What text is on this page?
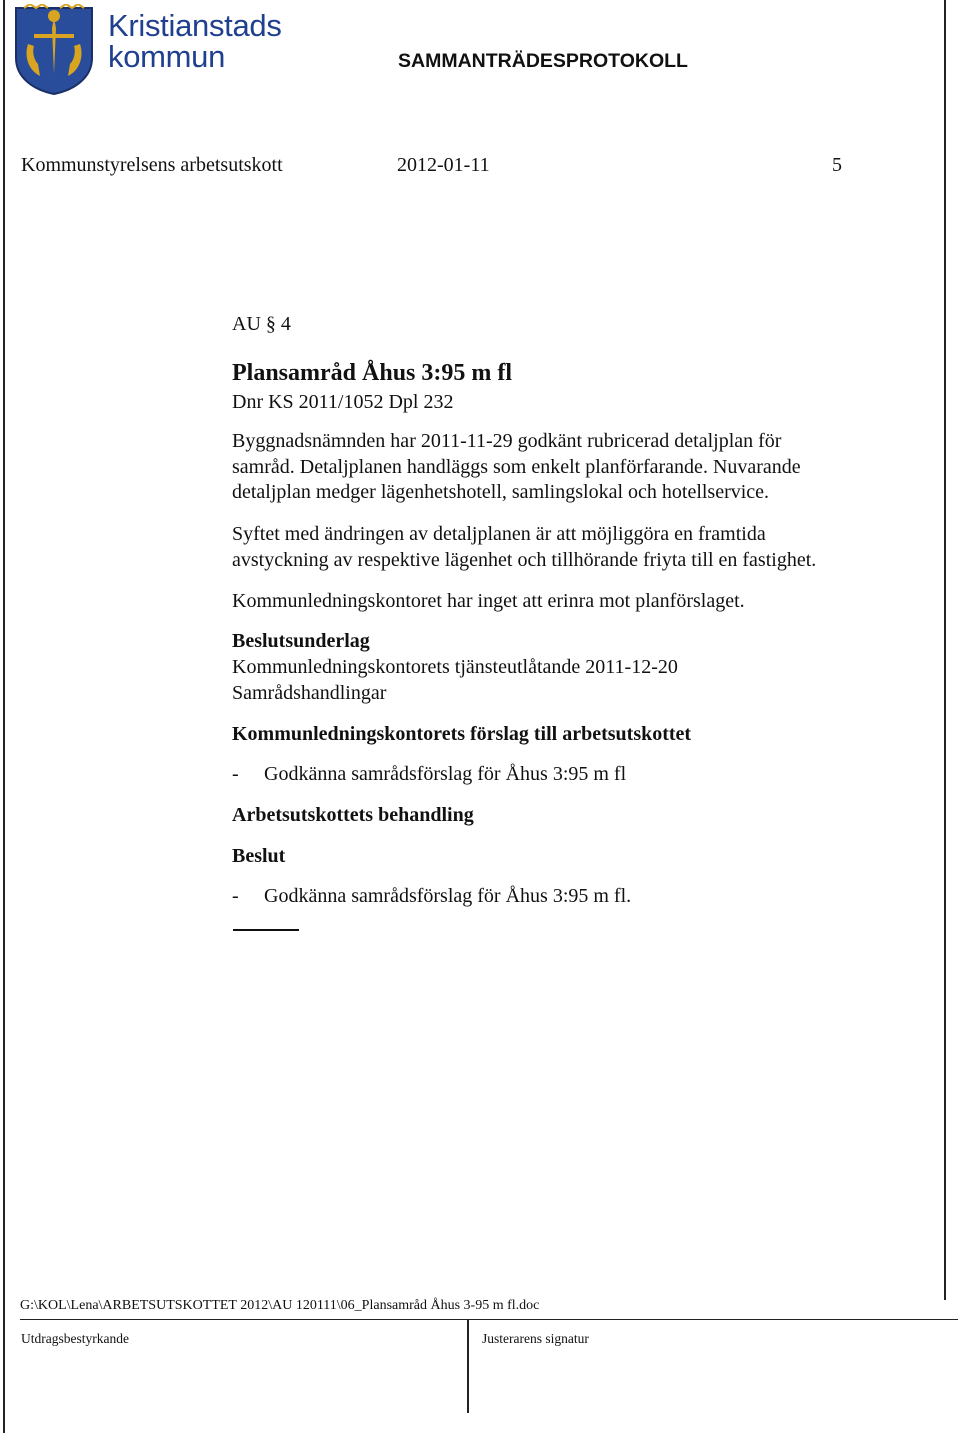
Kristianstads
kommun	SAMMANTRÄDESPROTOKOLL
Kommunstyrelsens arbetsutskott	2012-01-11	5
AU § 4
Plansamråd Åhus 3:95 m fl
Dnr KS 2011/1052 Dpl 232

Byggnadsnämnden har 2011-11-29 godkänt rubricerad detaljplan för

samråd. Detaljplanen handläggs som enkelt planförfarande. Nuvarande

detaljplan medger lägenhetshotell, samlingslokal och hotellservice.

Syftet med ändringen av detaljplanen är att möjliggöra en framtida

avstyckning av respektive lägenhet och tillhörande friyta till en fastighet.

Kommunledningskontoret har inget att erinra mot planförslaget.
Beslutsunderlag

Kommunledningskontorets tjänsteutlåtande 2011-12-20

Samrådshandlingar

Kommunledningskontorets förslag till arbetsutskottet
- Godkänna samrådsförslag för Åhus 3:95 m fl
Arbetsutskottets behandling
Beslut
- Godkänna samrådsförslag för Åhus 3:95 m fl.
G:\KOL\Lena\ARBETSUTSKOTTET 2012\AU 120111\06_Plansamråd Åhus 3-95 m fl.doc
Utdragsbestyrkande	Justerarens signatur
